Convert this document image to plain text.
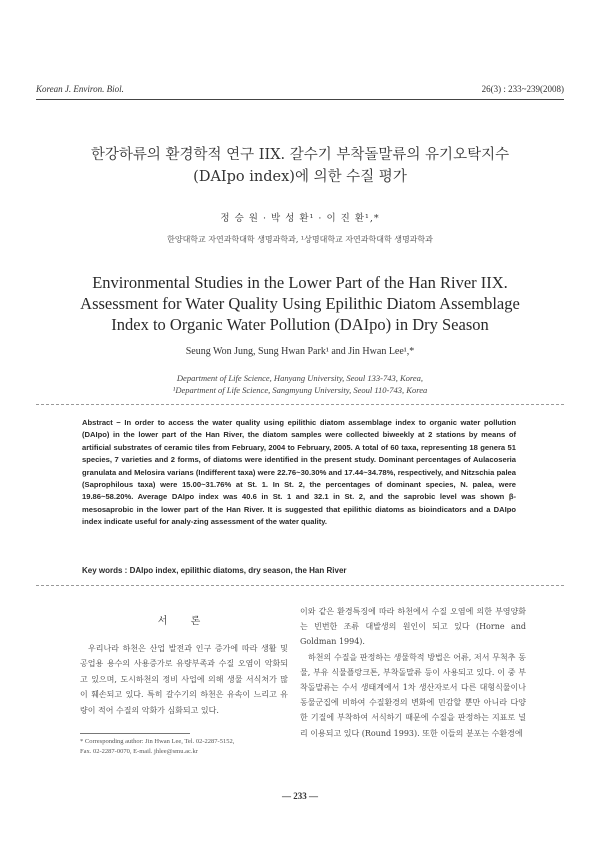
Korean J. Environ. Biol.	26(3) : 233~239(2008)
한강하류의 환경학적 연구 IIX. 갈수기 부착돌말류의 유기오탁지수
(DAIpo index)에 의한 수질 평가
정 승 원 · 박 성 환¹ · 이 진 환¹,*
한양대학교 자연과학대학 생명과학과, ¹상명대학교 자연과학대학 생명과학과
Environmental Studies in the Lower Part of the Han River IIX.
Assessment for Water Quality Using Epilithic Diatom Assemblage
Index to Organic Water Pollution (DAIpo) in Dry Season
Seung Won Jung, Sung Hwan Park¹ and Jin Hwan Lee¹,*
Department of Life Science, Hanyang University, Seoul 133-743, Korea,
¹Department of Life Science, Sangmyung University, Seoul 110-743, Korea
Abstract − In order to access the water quality using epilithic diatom assemblage index to organic water pollution (DAIpo) in the lower part of the Han River, the diatom samples were collected biweekly at 2 stations by means of artificial substrates of ceramic tiles from February, 2004 to February, 2005. A total of 60 taxa, representing 18 genera 51 species, 7 varieties and 2 forms, of diatoms were identified in the present study. Dominant percentages of Aulacoseria granulata and Melosira varians (Indifferent taxa) were 22.76~30.30% and 17.44~34.78%, respectively, and Nitzschia palea (Saprophilous taxa) were 15.00~31.76% at St. 1. In St. 2, the percentages of dominant species, N. palea, were 19.86~58.20%. Average DAIpo index was 40.6 in St. 1 and 32.1 in St. 2, and the saprobic level was shown β-mesosaprobic in the lower part of the Han River. It is suggested that epilithic diatoms as bioindicators and a DAIpo index indicate useful for analy-zing assessment of the water quality.
Key words : DAIpo index, epilithic diatoms, dry season, the Han River
서 론

우리나라 하천은 산업 발전과 인구 증가에 따라 생활 및 공업용 용수의 사용증가로 유량부족과 수질 오염이 악화되고 있으며, 도시하천의 정비 사업에 의해 생물 서식처가 많이 훼손되고 있다. 특히 갈수기의 하천은 유속이 느리고 유량이 적어 수질의 악화가 심화되고 있다.

* Corresponding author: Jin Hwan Lee, Tel. 02-2287-5152,
Fax. 02-2287-0070, E-mail. jhlee@smu.ac.kr

이와 같은 환경특징에 따라 하천에서 수질 오염에 의한 부영양화는 빈번한 조류 대발생의 원인이 되고 있다 (Horne and Goldman 1994).

하천의 수질을 판정하는 생물학적 방법은 어류, 저서 무척추 동물, 부유 식물플랑크톤, 부착돌말류 등이 사용되고 있다. 이 중 부착돌말류는 수서 생태계에서 1차 생산자로서 다른 대형식물이나 동물군집에 비하여 수질환경의 변화에 민감할 뿐만 아니라 다양한 기질에 부착하여 서식하기 때문에 수질을 판정하는 지표로 널리 이용되고 있다 (Round 1993). 또한 이들의 분포는 수환경에

— 233 —
